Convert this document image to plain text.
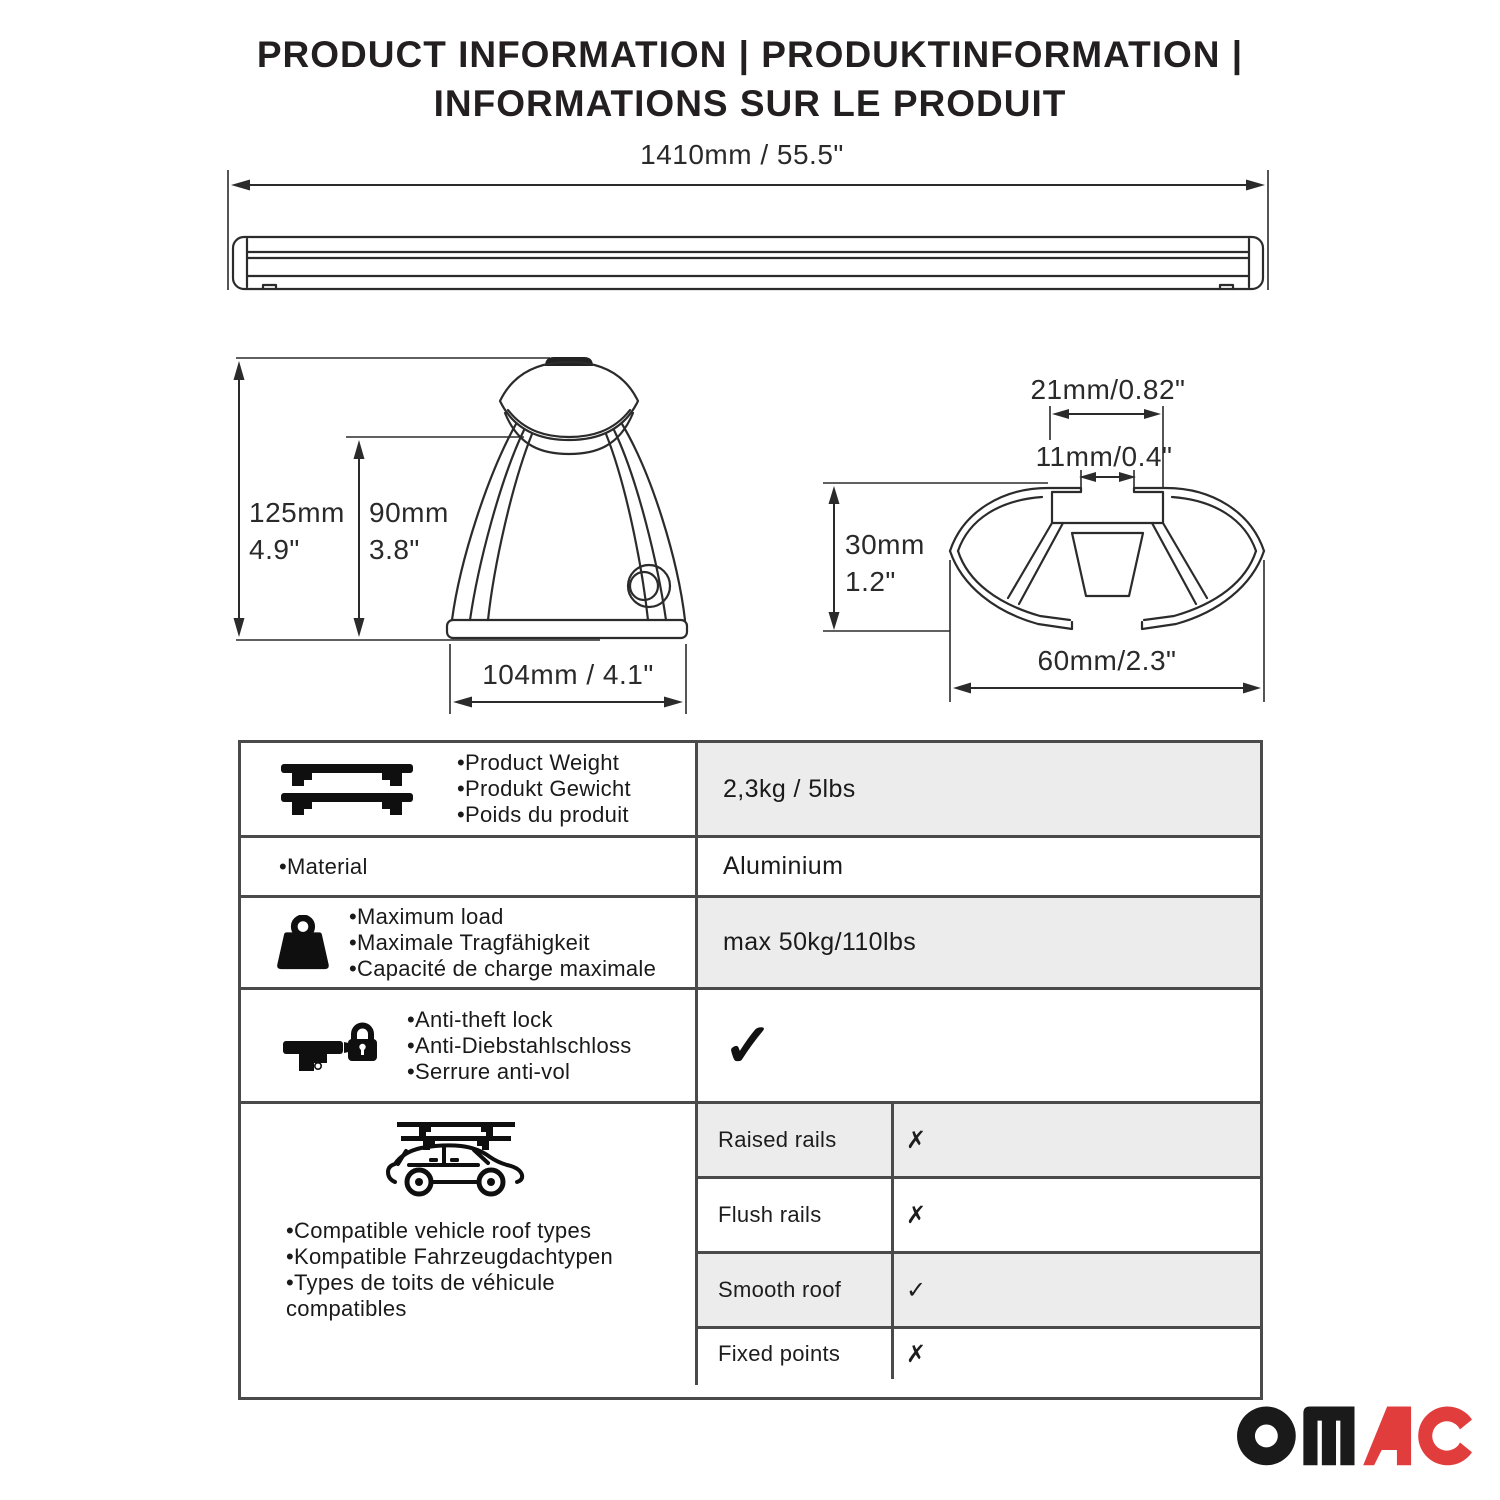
PRODUCT INFORMATION | PRODUKTINFORMATION |
INFORMATIONS SUR LE PRODUIT
1410mm / 55.5"
125mm
4.9"
90mm
3.8"
104mm / 4.1"
21mm/0.82"
11mm/0.4"
30mm
1.2"
60mm/2.3"
•Product Weight
•Produkt Gewicht
•Poids du produit
2,3kg / 5lbs
•Material	Aluminium
•Maximum load
•Maximale Tragfähigkeit
•Capacité de charge maximale
max 50kg/110lbs
•Anti-theft lock
•Anti-Diebstahlschloss
•Serrure anti-vol	✓
•Compatible vehicle roof types
•Kompatible Fahrzeugdachtypen
•Types de toits de véhicule
compatibles
Raised rails	✗
Flush rails	✗
Smooth roof	✓
Fixed points	✗
